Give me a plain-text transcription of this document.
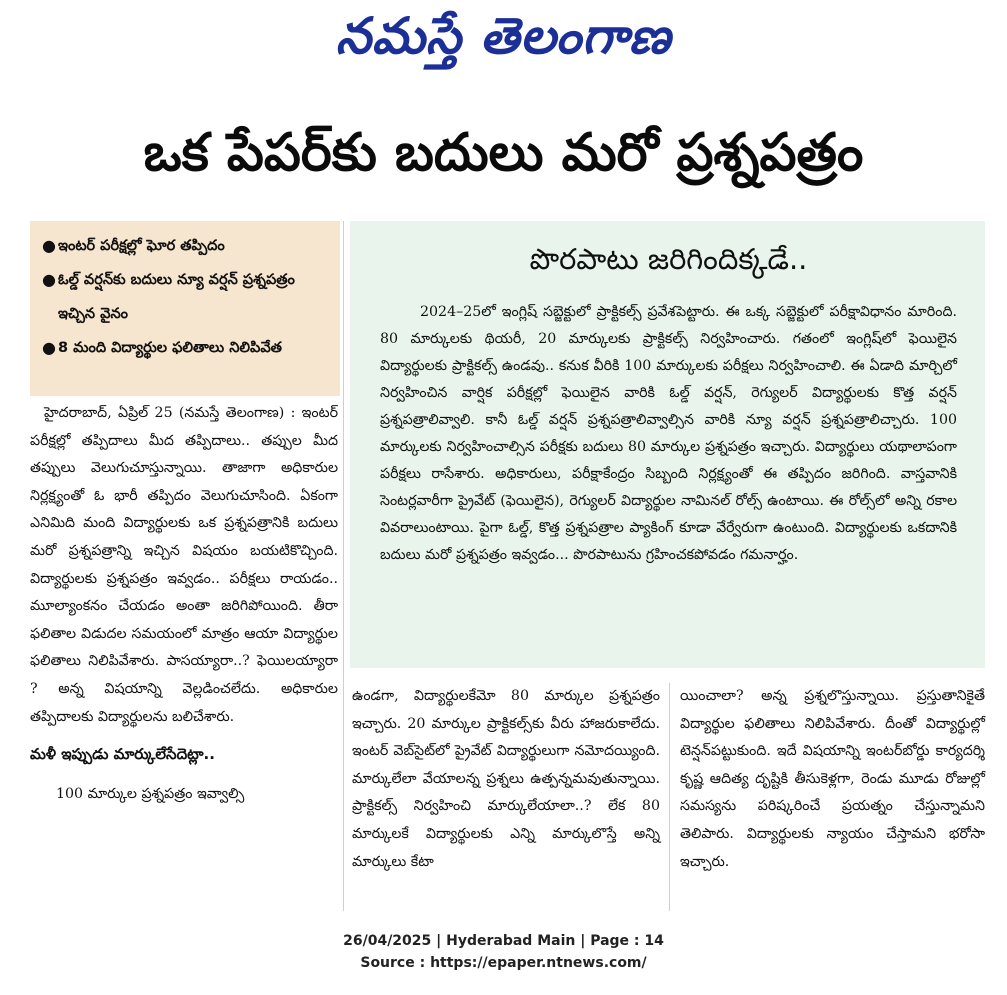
నమస్తే తెలంగాణ
ఒక పేపర్‌కు బదులు మరో ప్రశ్నపత్రం
● ఇంటర్ పరీక్షల్లో ఘోర తప్పిదం
● ఓల్డ్ వర్షన్‌కు బదులు న్యూ వర్షన్ ప్రశ్నపత్రం ఇచ్చిన వైనం
● 8 మంది విద్యార్థుల ఫలితాలు నిలిపివేత
పొరపాటు జరిగిందిక్కడే..

2024–25లో ఇంగ్లిష్ సబ్జెక్టులో ప్రాక్టికల్స్ ప్రవేశపెట్టారు. ఈ ఒక్క సబ్జెక్టులో పరీక్షావిధానం మారింది. 80 మార్కులకు థియరీ, 20 మార్కులకు ప్రాక్టికల్స్ నిర్వహించారు. గతంలో ఇంగ్లిష్‌లో ఫెయిలైన విద్యార్థులకు ప్రాక్టికల్స్ ఉండవు.. కనుక వీరికి 100 మార్కులకు పరీక్షలు నిర్వహించాలి. ఈ ఏడాది మార్చిలో నిర్వహించిన వార్షిక పరీక్షల్లో ఫెయిలైన వారికి ఓల్డ్ వర్షన్, రెగ్యులర్ విద్యార్థులకు కొత్త వర్షన్ ప్రశ్నపత్రాలివ్వాలి. కానీ ఓల్డ్ వర్షన్ ప్రశ్నపత్రాలివ్వాల్సిన వారికి న్యూ వర్షన్ ప్రశ్నపత్రాలిచ్చారు. 100 మార్కులకు నిర్వహించాల్సిన పరీక్షకు బదులు 80 మార్కుల ప్రశ్నపత్రం ఇచ్చారు. విద్యార్థులు యథాలాపంగా పరీక్షలు రాసేశారు. అధికారులు, పరీక్షాకేంద్రం సిబ్బంది నిర్లక్ష్యంతో ఈ తప్పిదం జరిగింది. వాస్తవానికి సెంటర్లవారీగా ప్రైవేట్ (ఫెయిలైన), రెగ్యులర్ విద్యార్థుల నామినల్ రోల్స్ ఉంటాయి. ఈ రోల్స్‌లో అన్ని రకాల వివరాలుంటాయి. పైగా ఓల్డ్, కొత్త ప్రశ్నపత్రాల ప్యాకింగ్ కూడా వేర్వేరుగా ఉంటుంది. విద్యార్థులకు ఒకదానికి బదులు మరో ప్రశ్నపత్రం ఇవ్వడం... పొరపాటును గ్రహించకపోవడం గమనార్హం.

హైదరాబాద్, ఏప్రిల్ 25 (నమస్తే తెలంగాణ) : ఇంటర్ పరీక్షల్లో తప్పిదాలు మీద తప్పిదాలు.. తప్పుల మీద తప్పులు వెలుగుచూస్తున్నాయి. తాజాగా అధికారుల నిర్లక్ష్యంతో ఓ భారీ తప్పిదం వెలుగుచూసింది. ఏకంగా ఎనిమిది మంది విద్యార్థులకు ఒక ప్రశ్నపత్రానికి బదులు మరో ప్రశ్నపత్రాన్ని ఇచ్చిన విషయం బయటికొచ్చింది. విద్యార్థులకు ప్రశ్నపత్రం ఇవ్వడం.. పరీక్షలు రాయడం.. మూల్యాంకనం చేయడం అంతా జరిగిపోయింది. తీరా ఫలితాల విడుదల సమయంలో మాత్రం ఆయా విద్యార్థుల ఫలితాలు నిలిపివేశారు. పాసయ్యారా..? ఫెయిలయ్యారా ? అన్న విషయాన్ని వెల్లడించలేదు. అధికారుల తప్పిదాలకు విద్యార్థులను బలిచేశారు.

మళీ ఇప్పుడు మార్కులేసేదెట్లా..

100 మార్కుల ప్రశ్నపత్రం ఇవ్వాల్సి

ఉండగా, విద్యార్థులకేమో 80 మార్కుల ప్రశ్నపత్రం ఇచ్చారు. 20 మార్కుల ప్రాక్టికల్స్‌కు వీరు హాజరుకాలేదు. ఇంటర్ వెబ్‌సైట్‌లో ప్రైవేట్ విద్యార్థులుగా నమోదయ్యింది. మార్కులేలా వేయాలన్న ప్రశ్నలు ఉత్పన్నమవుతున్నాయి. ప్రాక్టికల్స్ నిర్వహించి మార్కులేయాలా..? లేక 80 మార్కులకే విద్యార్థులకు ఎన్ని మార్కులొస్తే అన్ని మార్కులు కేటా

యించాలా? అన్న ప్రశ్నలొస్తున్నాయి. ప్రస్తుతానికైతే విద్యార్థుల ఫలితాలు నిలిపివేశారు. దీంతో విద్యార్థుల్లో టెన్షన్‌పట్టుకుంది. ఇదే విషయాన్ని ఇంటర్‌బోర్డు కార్యదర్శి కృష్ణ ఆదిత్య దృష్టికి తీసుకెళ్లగా, రెండు మూడు రోజుల్లో సమస్యను పరిష్కరించే ప్రయత్నం చేస్తున్నామని తెలిపారు. విద్యార్థులకు న్యాయం చేస్తామని భరోసా ఇచ్చారు.

26/04/2025 | Hyderabad Main | Page : 14
Source : https://epaper.ntnews.com/
